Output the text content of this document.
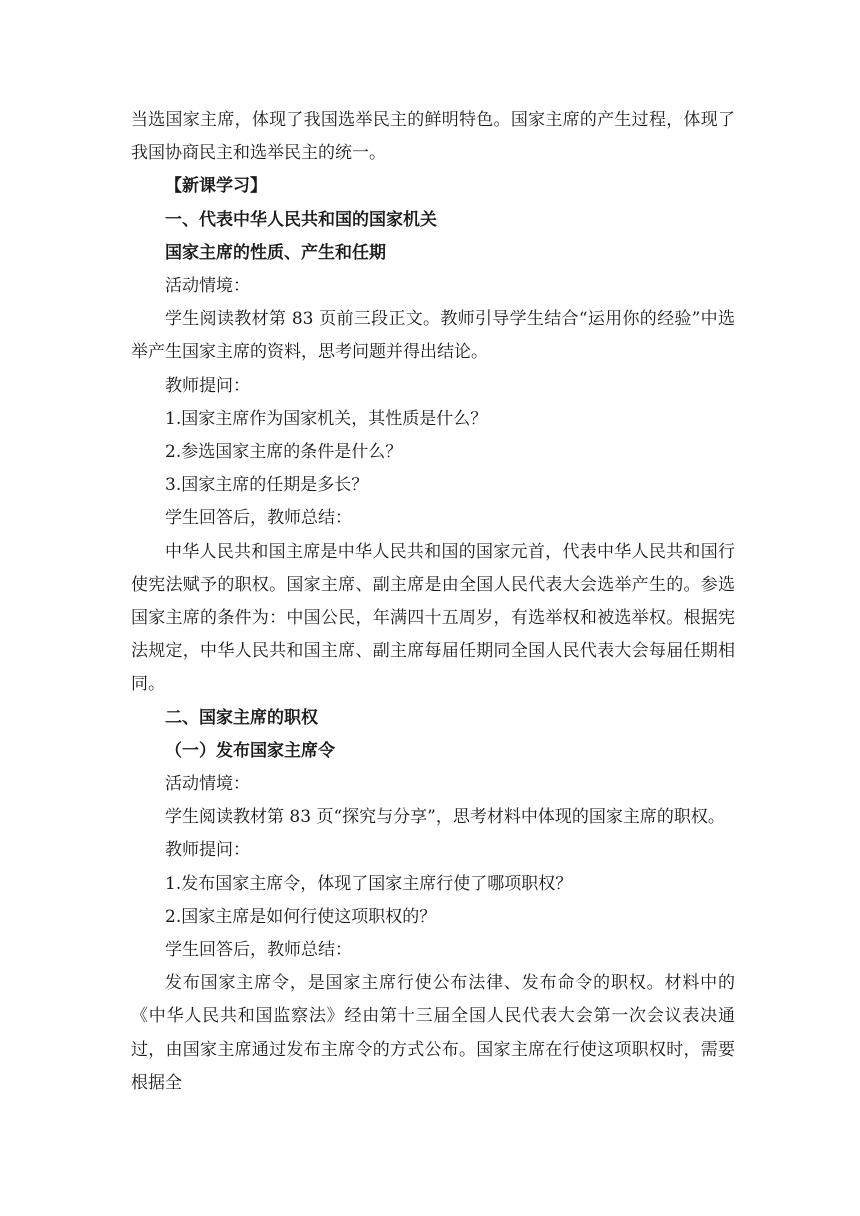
当选国家主席，体现了我国选举民主的鲜明特色。国家主席的产生过程，体现了我国协商民主和选举民主的统一。

【新课学习】

一、代表中华人民共和国的国家机关

国家主席的性质、产生和任期

活动情境：

学生阅读教材第 83 页前三段正文。教师引导学生结合“运用你的经验”中选举产生国家主席的资料，思考问题并得出结论。

教师提问：

1.国家主席作为国家机关，其性质是什么？

2.参选国家主席的条件是什么？

3.国家主席的任期是多长？

学生回答后，教师总结：

中华人民共和国主席是中华人民共和国的国家元首，代表中华人民共和国行使宪法赋予的职权。国家主席、副主席是由全国人民代表大会选举产生的。参选国家主席的条件为：中国公民，年满四十五周岁，有选举权和被选举权。根据宪法规定，中华人民共和国主席、副主席每届任期同全国人民代表大会每届任期相同。

二、国家主席的职权

（一）发布国家主席令

活动情境：

学生阅读教材第 83 页“探究与分享”，思考材料中体现的国家主席的职权。

教师提问：

1.发布国家主席令，体现了国家主席行使了哪项职权？

2.国家主席是如何行使这项职权的？

学生回答后，教师总结：

发布国家主席令，是国家主席行使公布法律、发布命令的职权。材料中的《中华人民共和国监察法》经由第十三届全国人民代表大会第一次会议表决通过，由国家主席通过发布主席令的方式公布。国家主席在行使这项职权时，需要根据全
